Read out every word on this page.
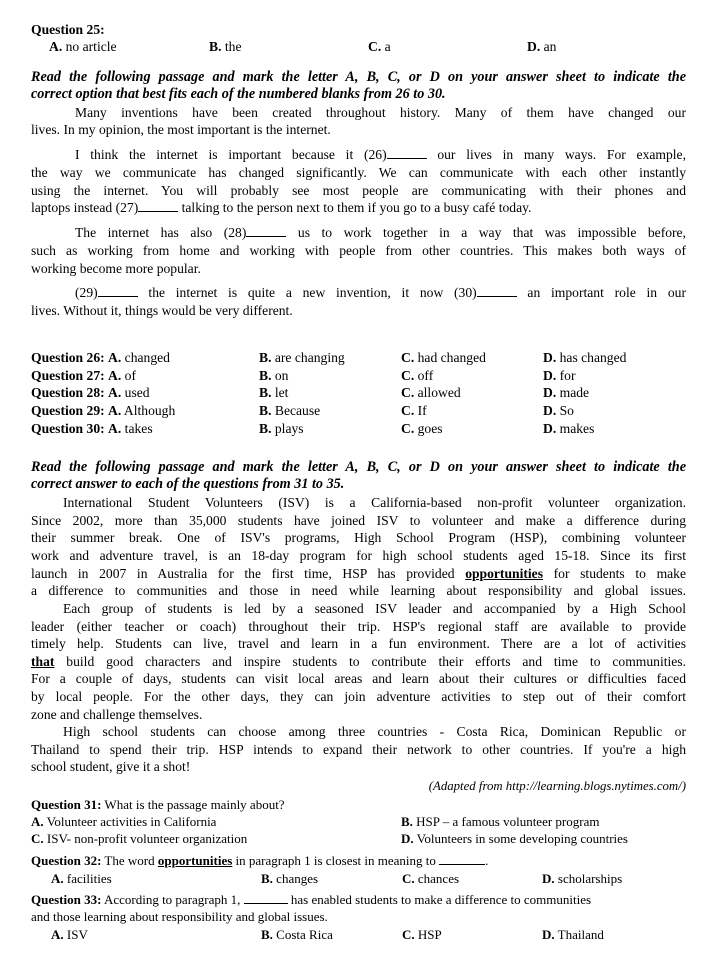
Question 25:
A. no article	B. the	C. a	D. an
Read the following passage and mark the letter A, B, C, or D on your answer sheet to indicate the
correct option that best fits each of the numbered blanks from 26 to 30.
Many inventions have been created throughout history. Many of them have changed our
lives. In my opinion, the most important is the internet.
I think the internet is important because it (26)	our lives in many ways. For example,
the way we communicate has changed significantly. We can communicate with each other instantly
using the internet. You will probably see most people are communicating with their phones and
laptops instead (27)	talking to the person next to them if you go to a busy café today.
The internet has also (28)	us to work together in a way that was impossible before,
such as working from home and working with people from other countries. This makes both ways of
working become more popular.
(29)	the internet is quite a new invention, it now (30)	an important role in our
lives. Without it, things would be very different.
Question 26: A. changed	B. are changing	C. had changed	D. has changed
Question 27: A. of	B. on	C. off	D. for
Question 28: A. used	B. let	C. allowed	D. made
Question 29: A. Although	B. Because	C. If	D. So
Question 30: A. takes	B. plays	C. goes	D. makes
Read the following passage and mark the letter A, B, C, or D on your answer sheet to indicate the
correct answer to each of the questions from 31 to 35.
International Student Volunteers (ISV) is a California-based non-profit volunteer organization.
Since 2002, more than 35,000 students have joined ISV to volunteer and make a difference during
their summer break. One of ISV's programs, High School Program (HSP), combining volunteer
work and adventure travel, is an 18-day program for high school students aged 15-18. Since its first
launch in 2007 in Australia for the first time, HSP has provided opportunities for students to make
a difference to communities and those in need while learning about responsibility and global issues.
Each group of students is led by a seasoned ISV leader and accompanied by a High School
leader (either teacher or coach) throughout their trip. HSP's regional staff are available to provide
timely help. Students can live, travel and learn in a fun environment. There are a lot of activities
that build good characters and inspire students to contribute their efforts and time to communities.
For a couple of days, students can visit local areas and learn about their cultures or difficulties faced
by local people. For the other days, they can join adventure activities to step out of their comfort
zone and challenge themselves.
High school students can choose among three countries - Costa Rica, Dominican Republic or
Thailand to spend their trip. HSP intends to expand their network to other countries. If you're a high
school student, give it a shot!
(Adapted from http://learning.blogs.nytimes.com/)
Question 31: What is the passage mainly about?
A. Volunteer activities in California	B. HSP – a famous volunteer program
C. ISV- non-profit volunteer organization	D. Volunteers in some developing countries
Question 32: The word opportunities in paragraph 1 is closest in meaning to	.
A. facilities	B. changes	C. chances	D. scholarships
Question 33: According to paragraph 1,	has enabled students to make a difference to communities
and those learning about responsibility and global issues.
A. ISV	B. Costa Rica	C. HSP	D. Thailand
